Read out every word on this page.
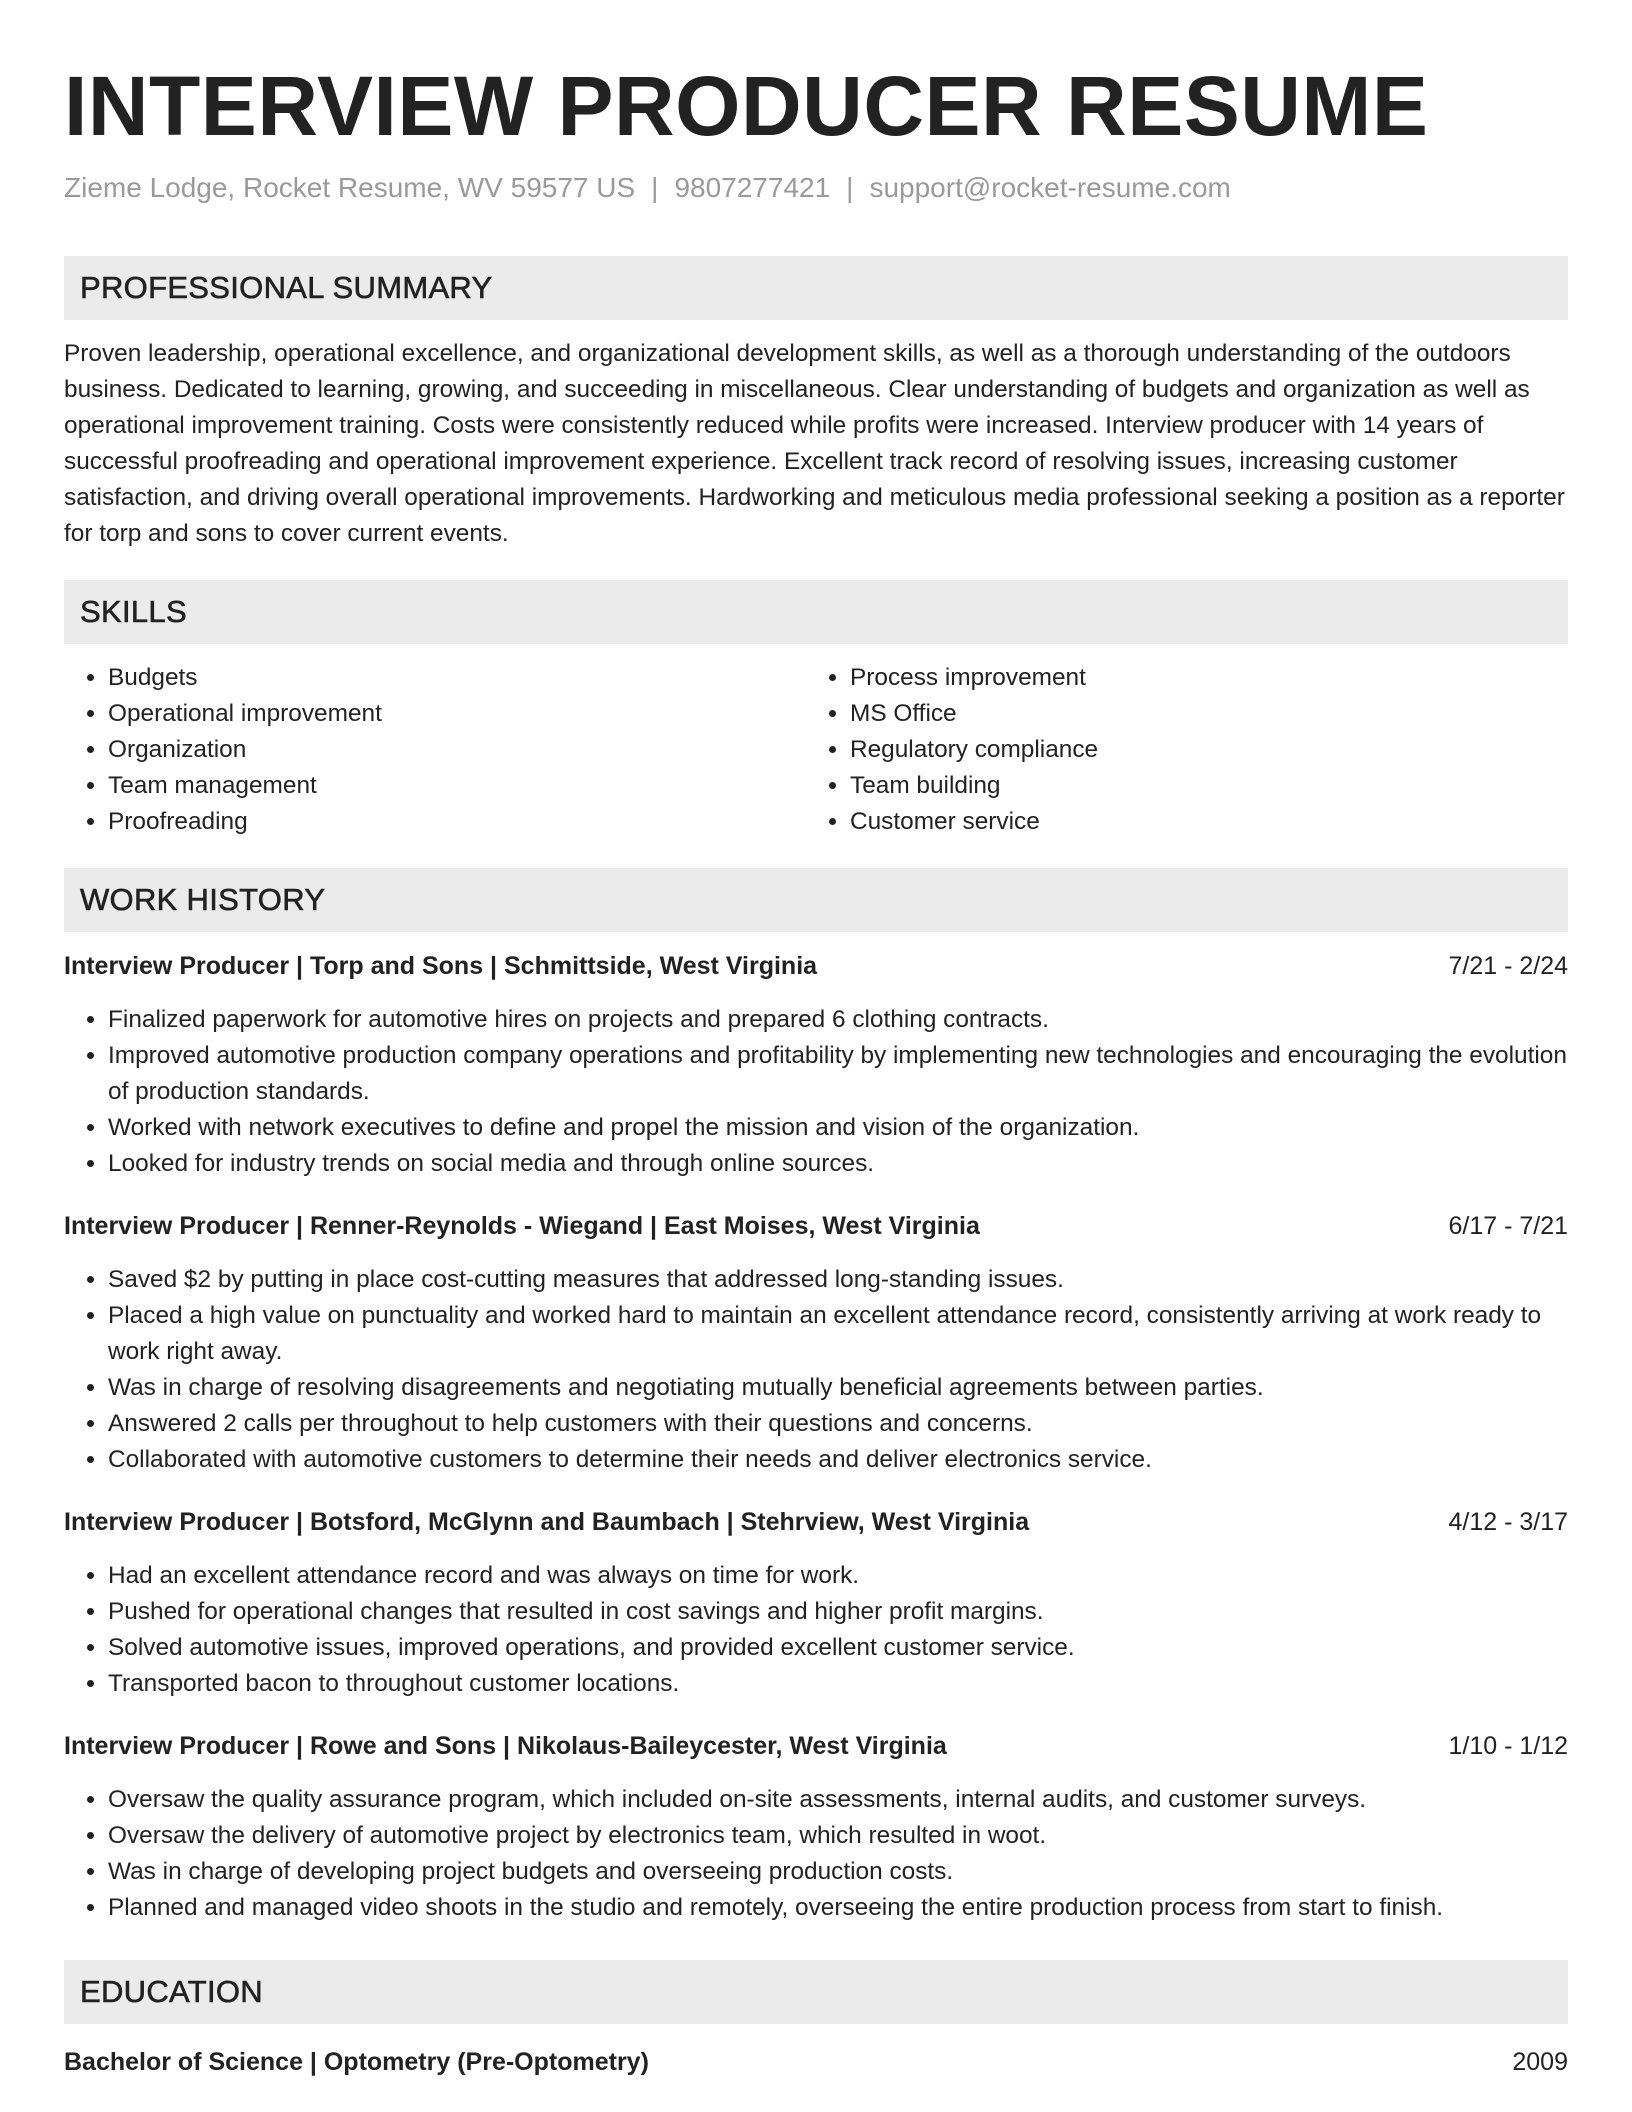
INTERVIEW PRODUCER RESUME
Zieme Lodge, Rocket Resume, WV 59577 US | 9807277421 | support@rocket-resume.com
PROFESSIONAL SUMMARY

Proven leadership, operational excellence, and organizational development skills, as well as a thorough understanding of the outdoors business. Dedicated to learning, growing, and succeeding in miscellaneous. Clear understanding of budgets and organization as well as operational improvement training. Costs were consistently reduced while profits were increased. Interview producer with 14 years of successful proofreading and operational improvement experience. Excellent track record of resolving issues, increasing customer satisfaction, and driving overall operational improvements. Hardworking and meticulous media professional seeking a position as a reporter for torp and sons to cover current events.

SKILLS
• Budgets
• Operational improvement
• Organization
• Team management
• Proofreading
• Process improvement
• MS Office
• Regulatory compliance
• Team building
• Customer service
WORK HISTORY
Interview Producer | Torp and Sons | Schmittside, West Virginia	7/21 - 2/24
• Finalized paperwork for automotive hires on projects and prepared 6 clothing contracts.
• Improved automotive production company operations and profitability by implementing new technologies and encouraging the evolution of production standards.
• Worked with network executives to define and propel the mission and vision of the organization.
• Looked for industry trends on social media and through online sources.
Interview Producer | Renner-Reynolds - Wiegand | East Moises, West Virginia	6/17 - 7/21
• Saved $2 by putting in place cost-cutting measures that addressed long-standing issues.
• Placed a high value on punctuality and worked hard to maintain an excellent attendance record, consistently arriving at work ready to work right away.
• Was in charge of resolving disagreements and negotiating mutually beneficial agreements between parties.
• Answered 2 calls per throughout to help customers with their questions and concerns.
• Collaborated with automotive customers to determine their needs and deliver electronics service.
Interview Producer | Botsford, McGlynn and Baumbach | Stehrview, West Virginia	4/12 - 3/17
• Had an excellent attendance record and was always on time for work.
• Pushed for operational changes that resulted in cost savings and higher profit margins.
• Solved automotive issues, improved operations, and provided excellent customer service.
• Transported bacon to throughout customer locations.
Interview Producer | Rowe and Sons | Nikolaus-Baileycester, West Virginia	1/10 - 1/12
• Oversaw the quality assurance program, which included on-site assessments, internal audits, and customer surveys.
• Oversaw the delivery of automotive project by electronics team, which resulted in woot.
• Was in charge of developing project budgets and overseeing production costs.
• Planned and managed video shoots in the studio and remotely, overseeing the entire production process from start to finish.
EDUCATION
Bachelor of Science | Optometry (Pre-Optometry)	2009
